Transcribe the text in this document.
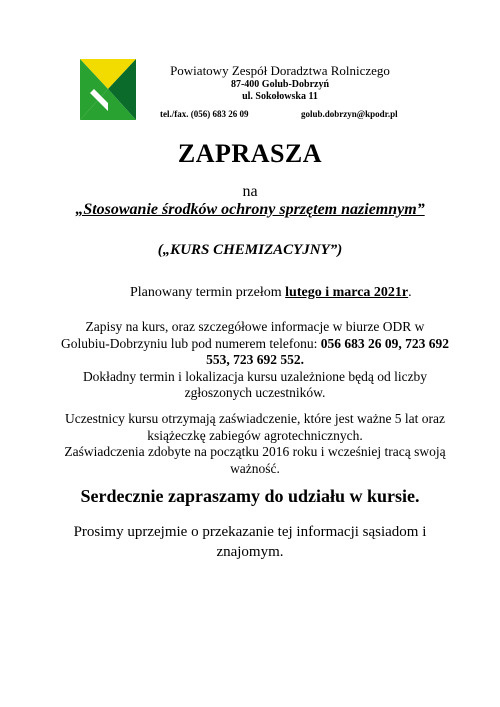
Powiatowy Zespół Doradztwa Rolniczego
87-400 Golub-Dobrzyń
ul. Sokołowska 11
tel./fax. (056) 683 26 09	golub.dobrzyn@kpodr.pl
ZAPRASZA
na
„Stosowanie środków ochrony sprzętem naziemnym”
(„KURS CHEMIZACYJNY”)
Planowany termin przełom lutego i marca 2021r.
Zapisy na kurs, oraz szczegółowe informacje w biurze ODR w Golubiu-Dobrzyniu lub pod numerem telefonu: 056 683 26 09, 723 692 553, 723 692 552.
Dokładny termin i lokalizacja kursu uzależnione będą od liczby zgłoszonych uczestników.
Uczestnicy kursu otrzymają zaświadczenie, które jest ważne 5 lat oraz książeczkę zabiegów agrotechnicznych.
Zaświadczenia zdobyte na początku 2016 roku i wcześniej tracą swoją ważność.
Serdecznie zapraszamy do udziału w kursie.
Prosimy uprzejmie o przekazanie tej informacji sąsiadom i znajomym.
